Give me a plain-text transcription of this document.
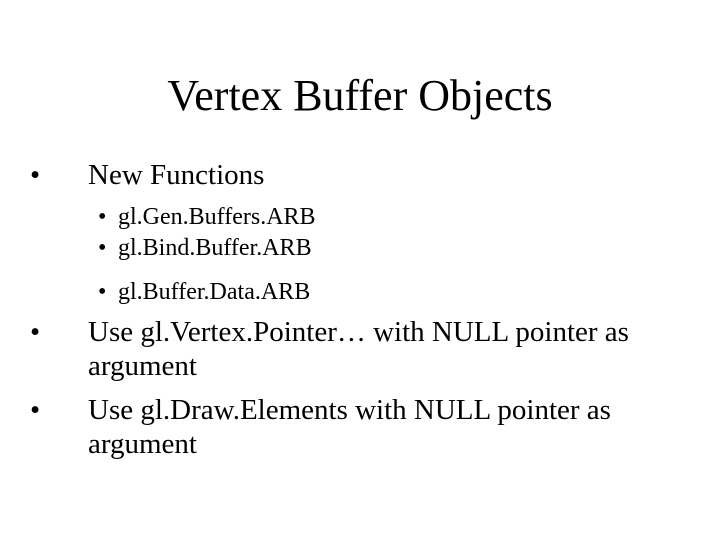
Vertex Buffer Objects
• New Functions
• gl.Gen.Buffers.ARB
• gl.Bind.Buffer.ARB
• gl.Buffer.Data.ARB
• Use gl.Vertex.Pointer… with NULL pointer as argument
• Use gl.Draw.Elements with NULL pointer as argument
